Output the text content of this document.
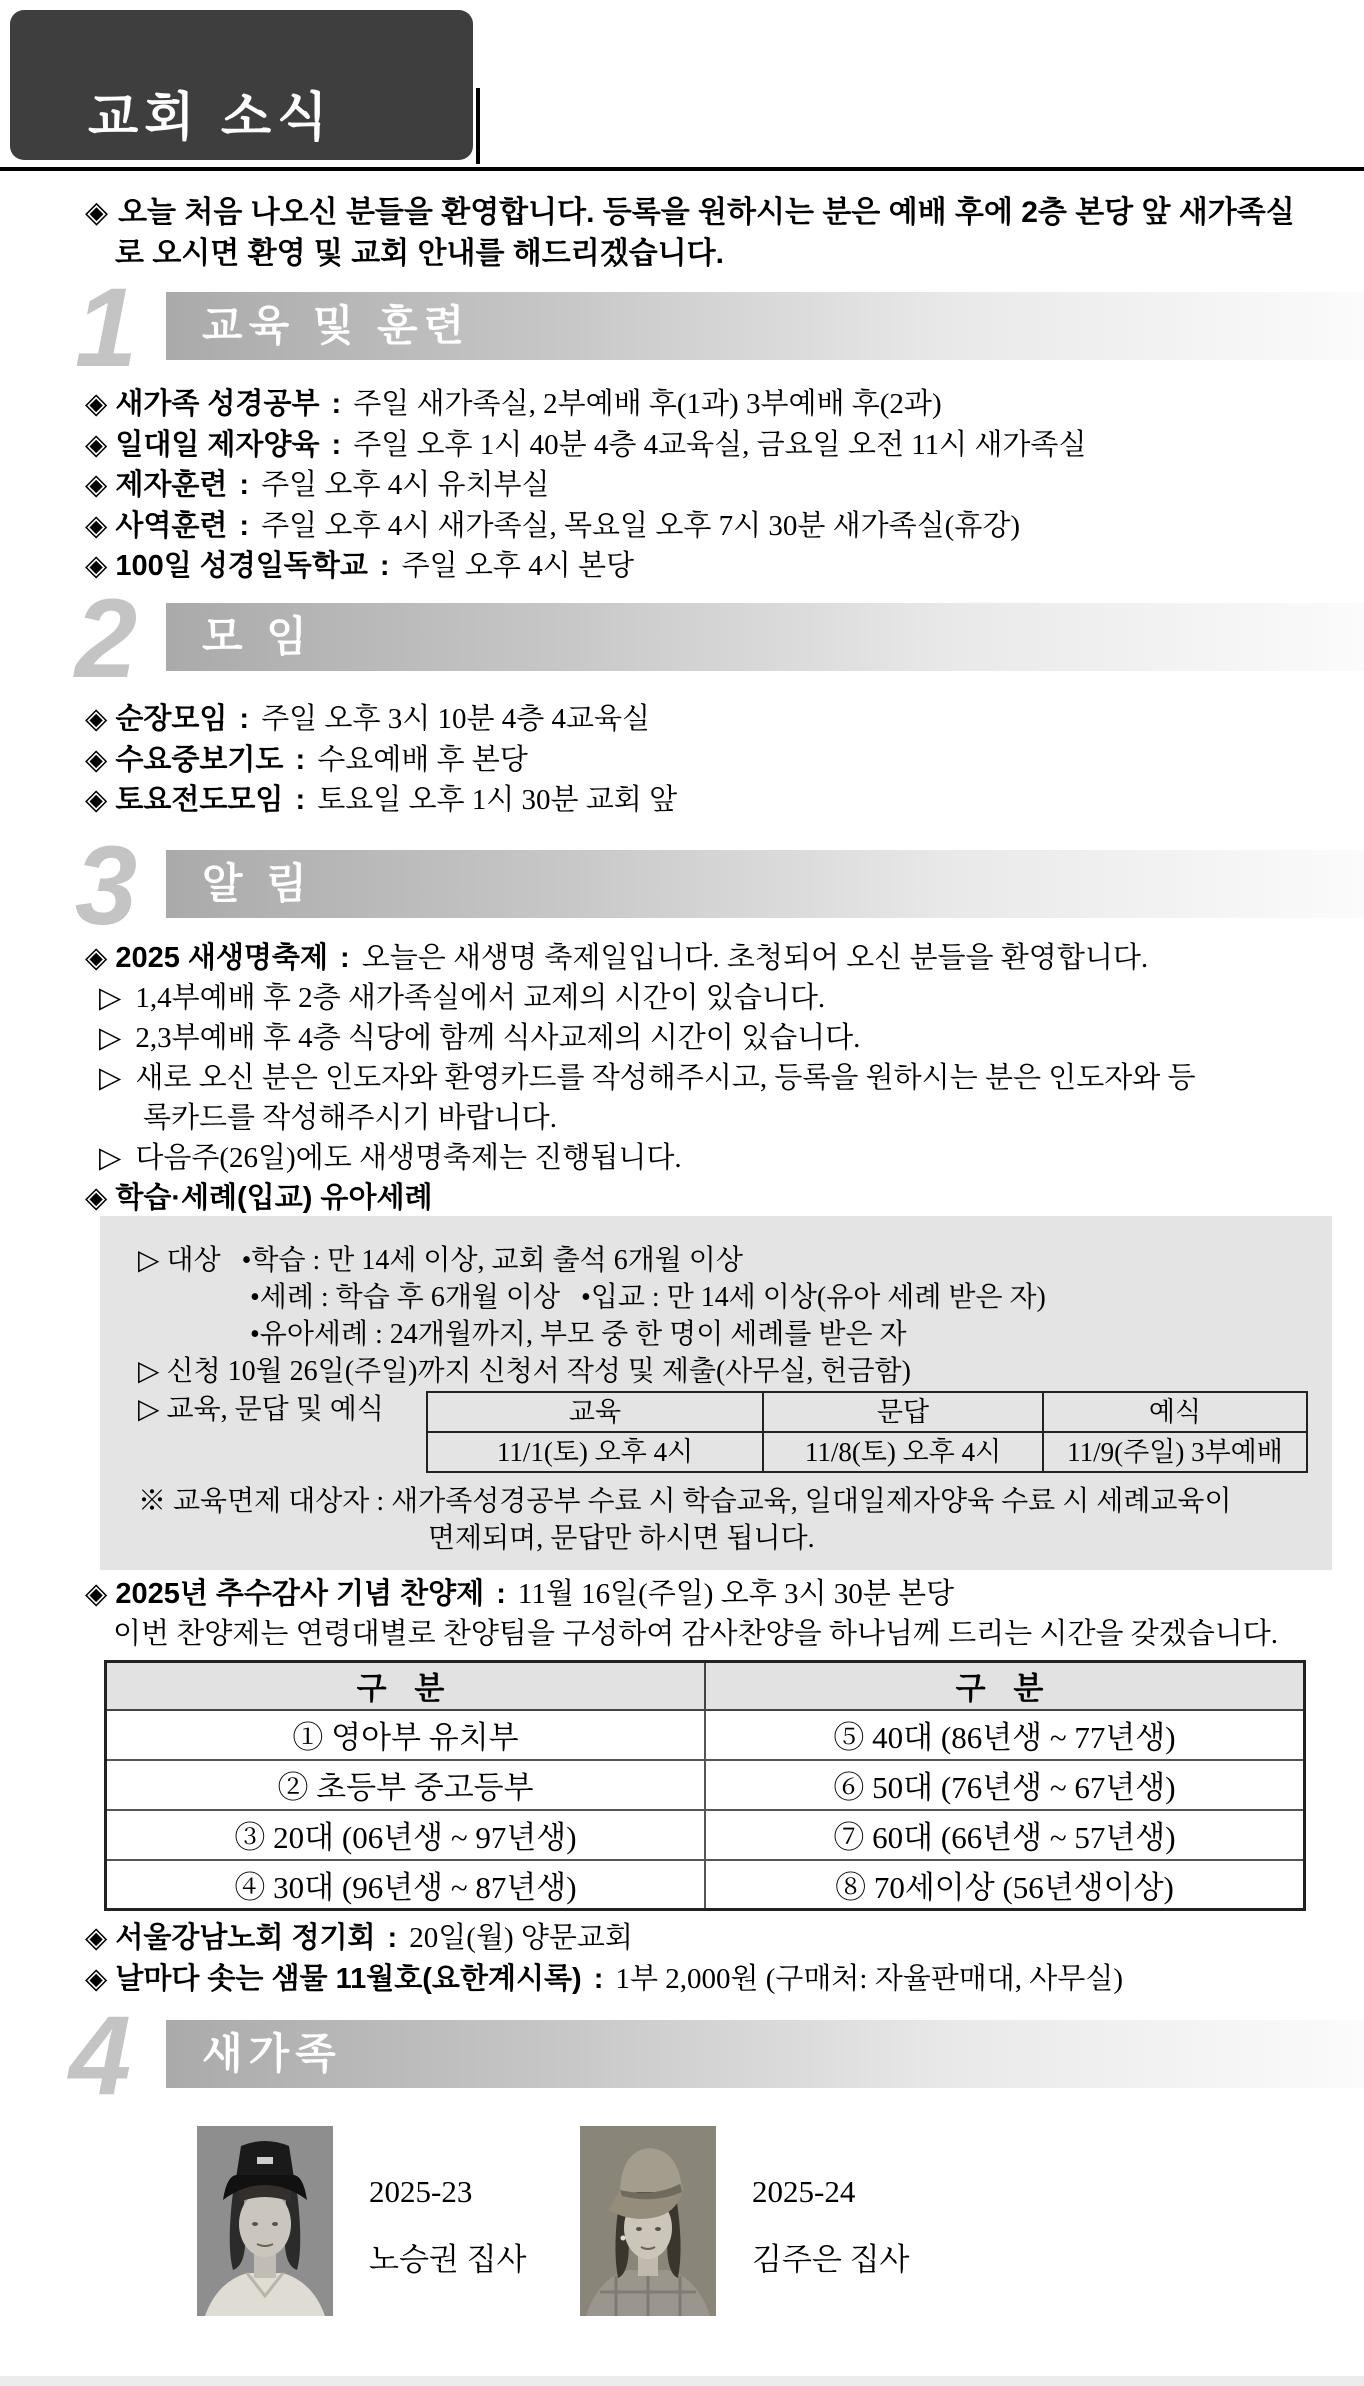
교회 소식
◈ 오늘 처음 나오신 분들을 환영합니다. 등록을 원하시는 분은 예배 후에 2층 본당 앞 새가족실
로 오시면 환영 및 교회 안내를 해드리겠습니다.
1	교육 및 훈련
◈ 새가족 성경공부 : 주일 새가족실, 2부예배 후(1과) 3부예배 후(2과)
◈ 일대일 제자양육 : 주일 오후 1시 40분 4층 4교육실, 금요일 오전 11시 새가족실
◈ 제자훈련 : 주일 오후 4시 유치부실
◈ 사역훈련 : 주일 오후 4시 새가족실, 목요일 오후 7시 30분 새가족실(휴강)
◈ 100일 성경일독학교 : 주일 오후 4시 본당
2	모 임
◈ 순장모임 : 주일 오후 3시 10분 4층 4교육실
◈ 수요중보기도 : 수요예배 후 본당
◈ 토요전도모임 : 토요일 오후 1시 30분 교회 앞
3	알 림
◈ 2025 새생명축제 : 오늘은 새생명 축제일입니다. 초청되어 오신 분들을 환영합니다.
▷ 1,4부예배 후 2층 새가족실에서 교제의 시간이 있습니다.
▷ 2,3부예배 후 4층 식당에 함께 식사교제의 시간이 있습니다.
▷ 새로 오신 분은 인도자와 환영카드를 작성해주시고, 등록을 원하시는 분은 인도자와 등
록카드를 작성해주시기 바랍니다.
▷ 다음주(26일)에도 새생명축제는 진행됩니다.
◈ 학습·세례(입교) 유아세례
▷ 대상   •학습 : 만 14세 이상, 교회 출석 6개월 이상
•세례 : 학습 후 6개월 이상   •입교 : 만 14세 이상(유아 세례 받은 자)
•유아세례 : 24개월까지, 부모 중 한 명이 세례를 받은 자
▷ 신청 10월 26일(주일)까지 신청서 작성 및 제출(사무실, 헌금함)
▷ 교육, 문답 및 예식	교육	문답	예식
11/1(토) 오후 4시	11/8(토) 오후 4시	11/9(주일) 3부예배
※ 교육면제 대상자 : 새가족성경공부 수료 시 학습교육, 일대일제자양육 수료 시 세례교육이
면제되며, 문답만 하시면 됩니다.
◈ 2025년 추수감사 기념 찬양제 : 11월 16일(주일) 오후 3시 30분 본당
이번 찬양제는 연령대별로 찬양팀을 구성하여 감사찬양을 하나님께 드리는 시간을 갖겠습니다.
구 분	구 분
① 영아부 유치부	⑤ 40대 (86년생 ~ 77년생)
② 초등부 중고등부	⑥ 50대 (76년생 ~ 67년생)
③ 20대 (06년생 ~ 97년생)	⑦ 60대 (66년생 ~ 57년생)
④ 30대 (96년생 ~ 87년생)	⑧ 70세이상 (56년생이상)
◈ 서울강남노회 정기회 : 20일(월) 양문교회
◈ 날마다 솟는 샘물 11월호(요한계시록) : 1부 2,000원 (구매처: 자율판매대, 사무실)
4	새가족
2025-23
노승권 집사
2025-24
김주은 집사
